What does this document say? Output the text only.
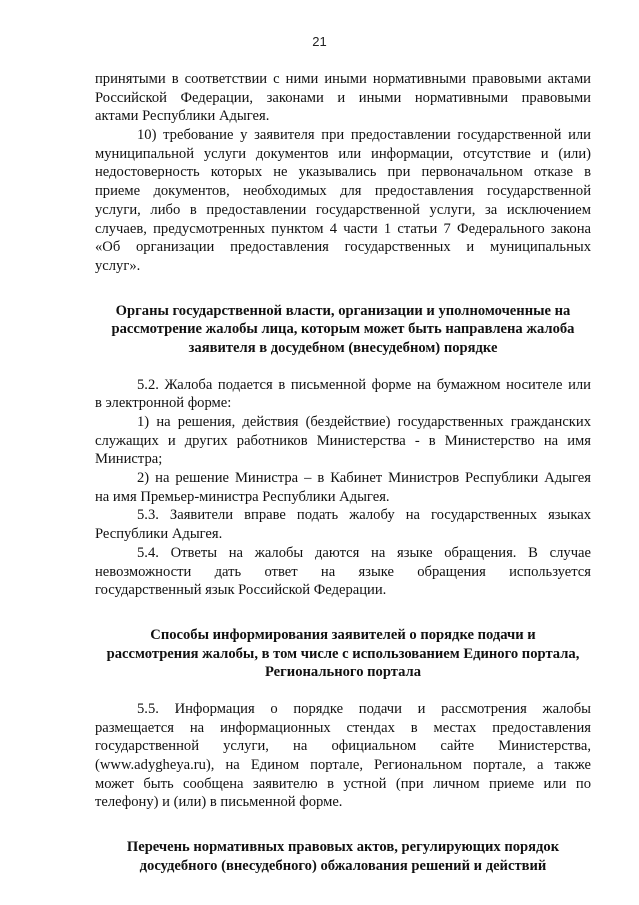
21
принятыми в соответствии с ними иными нормативными правовыми актами
Российской Федерации, законами и иными нормативными правовыми
актами Республики Адыгея.
10) требование у заявителя при предоставлении государственной или
муниципальной услуги документов или информации, отсутствие и (или)
недостоверность которых не указывались при первоначальном отказе в
приеме документов, необходимых для предоставления государственной
услуги, либо в предоставлении государственной услуги, за исключением
случаев, предусмотренных пунктом 4 части 1 статьи 7 Федерального закона
«Об организации предоставления государственных и муниципальных
услуг».
Органы государственной власти, организации и уполномоченные на
рассмотрение жалобы лица, которым может быть направлена жалоба
заявителя в досудебном (внесудебном) порядке
5.2. Жалоба подается в письменной форме на бумажном носителе или
в электронной форме:
1) на решения, действия (бездействие) государственных гражданских
служащих и других работников Министерства - в Министерство на имя
Министра;
2) на решение Министра – в Кабинет Министров Республики Адыгея
на имя Премьер-министра Республики Адыгея.
5.3. Заявители вправе подать жалобу на государственных языках
Республики Адыгея.
5.4. Ответы на жалобы даются на языке обращения. В случае
невозможности дать ответ на языке обращения используется
государственный язык Российской Федерации.
Способы информирования заявителей о порядке подачи и
рассмотрения жалобы, в том числе с использованием Единого портала,
Регионального портала
5.5. Информация о порядке подачи и рассмотрения жалобы
размещается на информационных стендах в местах предоставления
государственной услуги, на официальном сайте Министерства,
(www.adygheya.ru), на Едином портале, Региональном портале, а также
может быть сообщена заявителю в устной (при личном приеме или по
телефону) и (или) в письменной форме.
Перечень нормативных правовых актов, регулирующих порядок
досудебного (внесудебного) обжалования решений и действий
